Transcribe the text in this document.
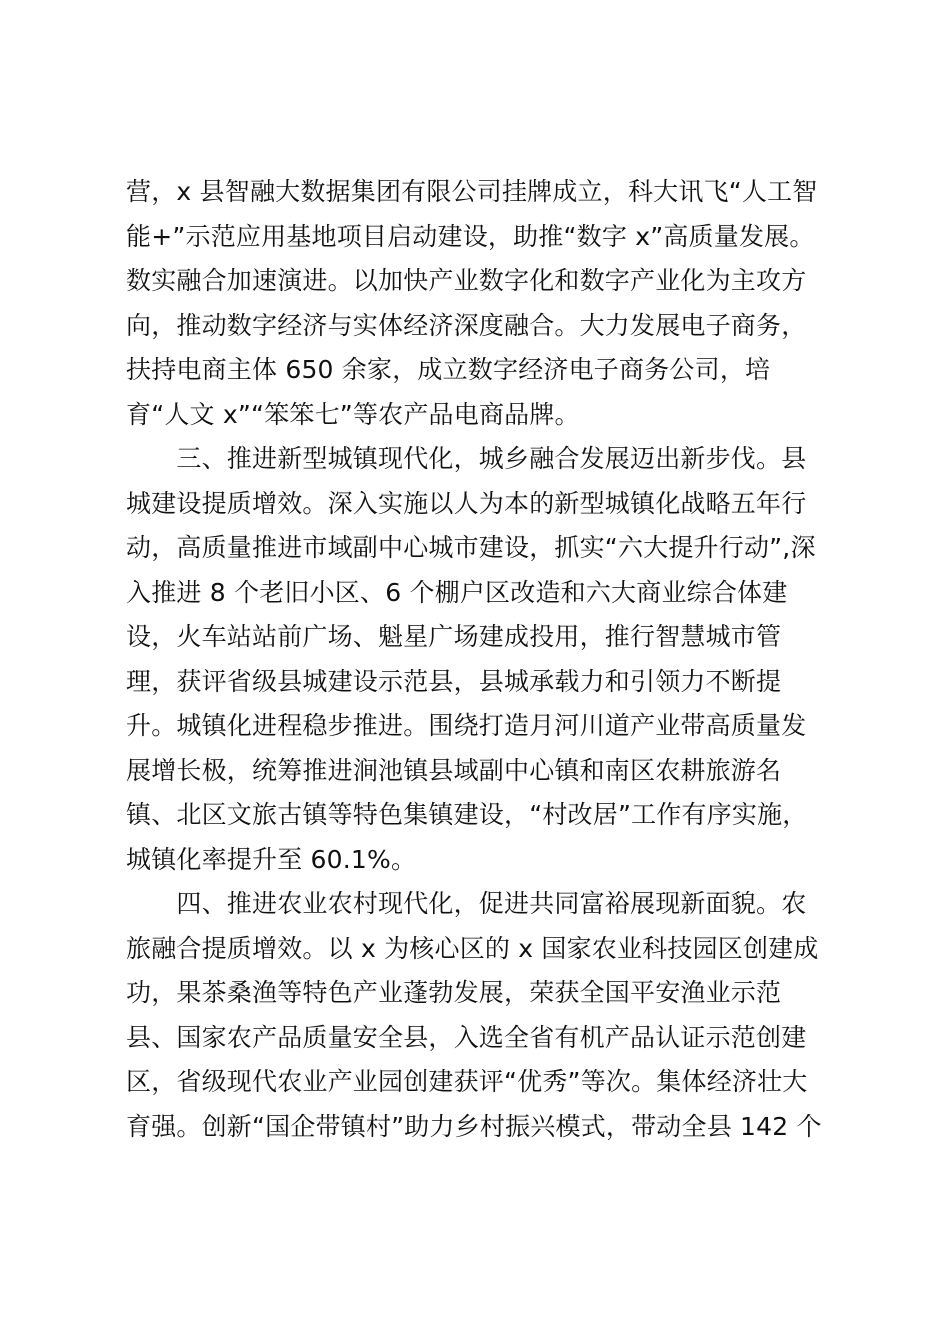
营，x 县智融大数据集团有限公司挂牌成立，科大讯飞“人工智
能+”示范应用基地项目启动建设，助推“数字 x”高质量发展。
数实融合加速演进。以加快产业数字化和数字产业化为主攻方
向，推动数字经济与实体经济深度融合。大力发展电子商务，
扶持电商主体 650 余家，成立数字经济电子商务公司，培
育“人文 x”“笨笨七”等农产品电商品牌。
　　三、推进新型城镇现代化，城乡融合发展迈出新步伐。县
城建设提质增效。深入实施以人为本的新型城镇化战略五年行
动，高质量推进市域副中心城市建设，抓实“六大提升行动”,深
入推进 8 个老旧小区、6 个棚户区改造和六大商业综合体建
设，火车站站前广场、魁星广场建成投用，推行智慧城市管
理，获评省级县城建设示范县，县城承载力和引领力不断提
升。城镇化进程稳步推进。围绕打造月河川道产业带高质量发
展增长极，统筹推进涧池镇县域副中心镇和南区农耕旅游名
镇、北区文旅古镇等特色集镇建设，“村改居”工作有序实施，
城镇化率提升至 60.1%。
　　四、推进农业农村现代化，促进共同富裕展现新面貌。农
旅融合提质增效。以 x 为核心区的 x 国家农业科技园区创建成
功，果茶桑渔等特色产业蓬勃发展，荣获全国平安渔业示范
县、国家农产品质量安全县，入选全省有机产品认证示范创建
区，省级现代农业产业园创建获评“优秀”等次。集体经济壮大
育强。创新“国企带镇村”助力乡村振兴模式，带动全县 142 个
